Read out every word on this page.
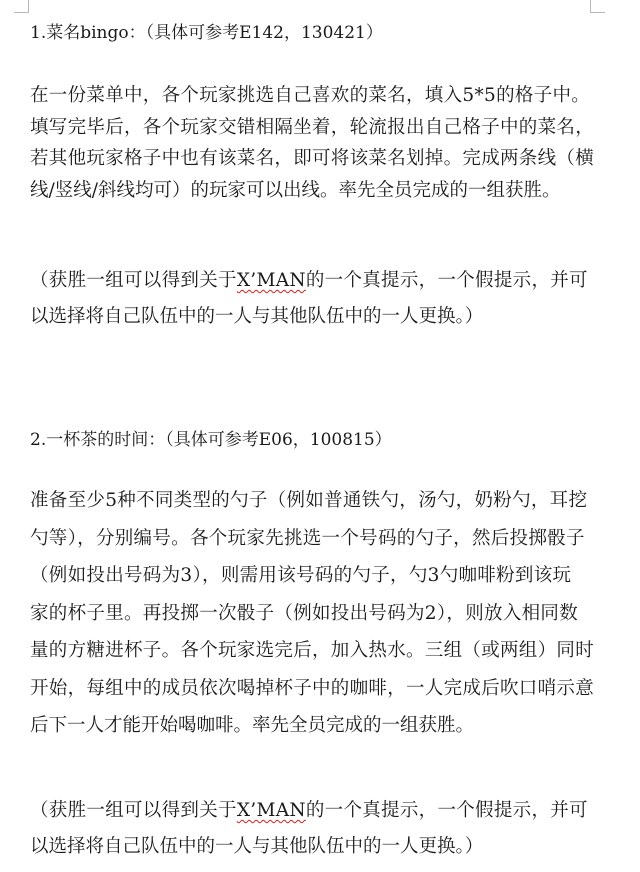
1.菜名bingo：（具体可参考E142，130421）
在一份菜单中，各个玩家挑选自己喜欢的菜名，填入5*5的格子中。
填写完毕后，各个玩家交错相隔坐着，轮流报出自己格子中的菜名，
若其他玩家格子中也有该菜名，即可将该菜名划掉。完成两条线（横
线/竖线/斜线均可）的玩家可以出线。率先全员完成的一组获胜。
（获胜一组可以得到关于X’MAN的一个真提示，一个假提示，并可
以选择将自己队伍中的一人与其他队伍中的一人更换。）
2.一杯茶的时间：（具体可参考E06，100815）
准备至少5种不同类型的勺子（例如普通铁勺，汤勺，奶粉勺，耳挖
勺等），分别编号。各个玩家先挑选一个号码的勺子，然后投掷骰子
（例如投出号码为3），则需用该号码的勺子，勺3勺咖啡粉到该玩
家的杯子里。再投掷一次骰子（例如投出号码为2），则放入相同数
量的方糖进杯子。各个玩家选完后，加入热水。三组（或两组）同时
开始，每组中的成员依次喝掉杯子中的咖啡，一人完成后吹口哨示意
后下一人才能开始喝咖啡。率先全员完成的一组获胜。
（获胜一组可以得到关于X’MAN的一个真提示，一个假提示，并可
以选择将自己队伍中的一人与其他队伍中的一人更换。）
